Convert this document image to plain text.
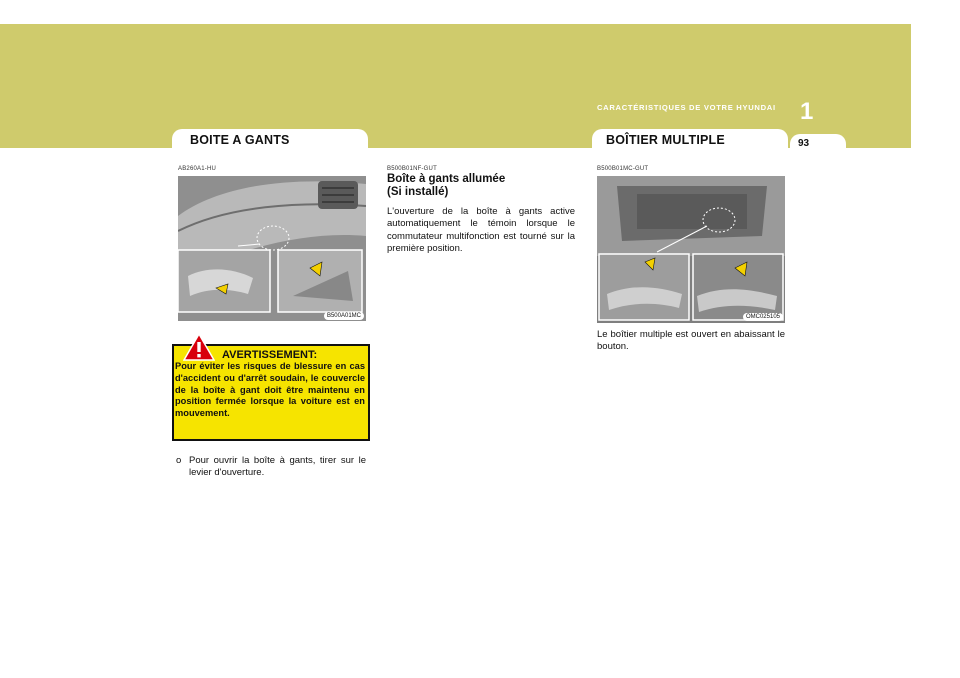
CARACTÉRISTIQUES DE VOTRE HYUNDAI 1
BOITE A GANTS	BOÎTIER MULTIPLE	93
AB260A1-HU
B500A01MC
AVERTISSEMENT:
Pour éviter les risques de blessure en cas d'accident ou d'arrêt soudain, le couvercle de la boîte à gant doit être maintenu en position fermée lorsque la voiture est en mouvement.
o Pour ouvrir la boîte à gants, tirer sur le levier d'ouverture.
B500B01NF-GUT
Boîte à gants allumée
(Si installé)
L'ouverture de la boîte à gants active automatiquement le témoin lorsque le commutateur multifonction est tourné sur la première position.
B500B01MC-GUT
OMC025105
Le boîtier multiple est ouvert en abaissant le bouton.
